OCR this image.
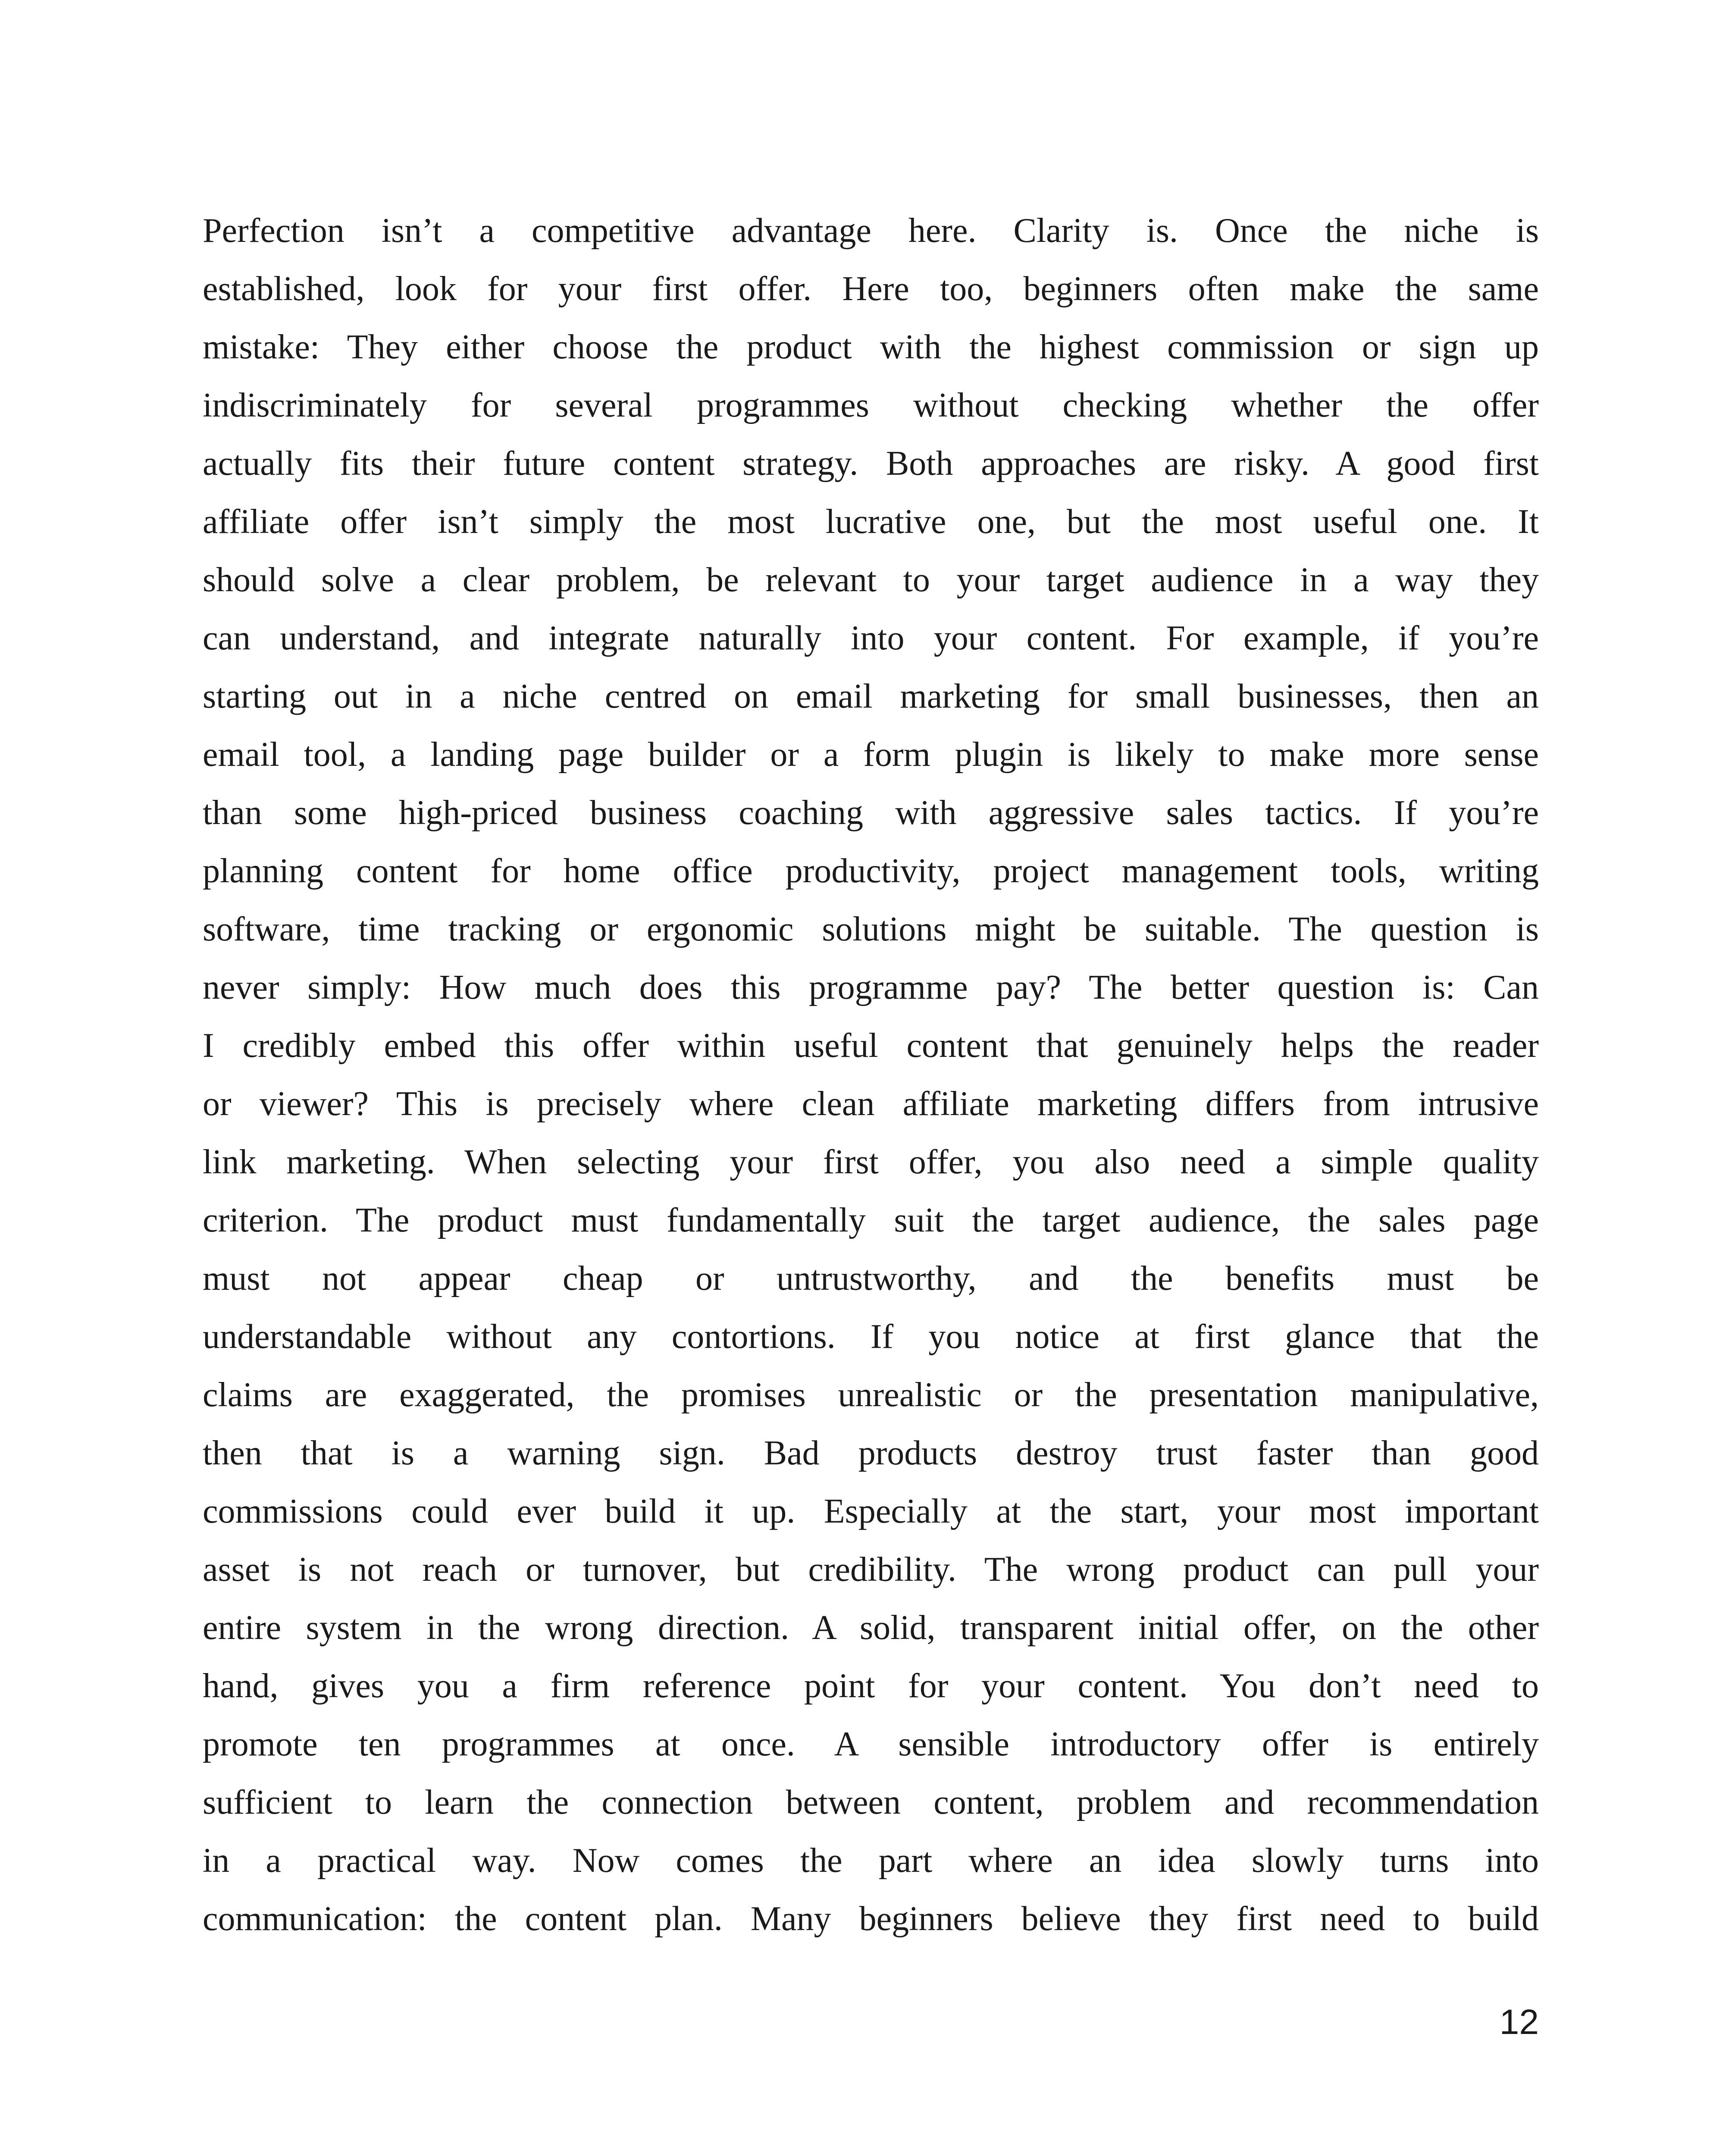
Perfection isn’t a competitive advantage here. Clarity is. Once the niche is
established, look for your first offer. Here too, beginners often make the same
mistake: They either choose the product with the highest commission or sign up
indiscriminately for several programmes without checking whether the offer
actually fits their future content strategy. Both approaches are risky. A good first
affiliate offer isn’t simply the most lucrative one, but the most useful one. It
should solve a clear problem, be relevant to your target audience in a way they
can understand, and integrate naturally into your content. For example, if you’re
starting out in a niche centred on email marketing for small businesses, then an
email tool, a landing page builder or a form plugin is likely to make more sense
than some high-priced business coaching with aggressive sales tactics. If you’re
planning content for home office productivity, project management tools, writing
software, time tracking or ergonomic solutions might be suitable. The question is
never simply: How much does this programme pay? The better question is: Can
I credibly embed this offer within useful content that genuinely helps the reader
or viewer? This is precisely where clean affiliate marketing differs from intrusive
link marketing. When selecting your first offer, you also need a simple quality
criterion. The product must fundamentally suit the target audience, the sales page
must not appear cheap or untrustworthy, and the benefits must be
understandable without any contortions. If you notice at first glance that the
claims are exaggerated, the promises unrealistic or the presentation manipulative,
then that is a warning sign. Bad products destroy trust faster than good
commissions could ever build it up. Especially at the start, your most important
asset is not reach or turnover, but credibility. The wrong product can pull your
entire system in the wrong direction. A solid, transparent initial offer, on the other
hand, gives you a firm reference point for your content. You don’t need to
promote ten programmes at once. A sensible introductory offer is entirely
sufficient to learn the connection between content, problem and recommendation
in a practical way. Now comes the part where an idea slowly turns into
communication: the content plan. Many beginners believe they first need to build

12
